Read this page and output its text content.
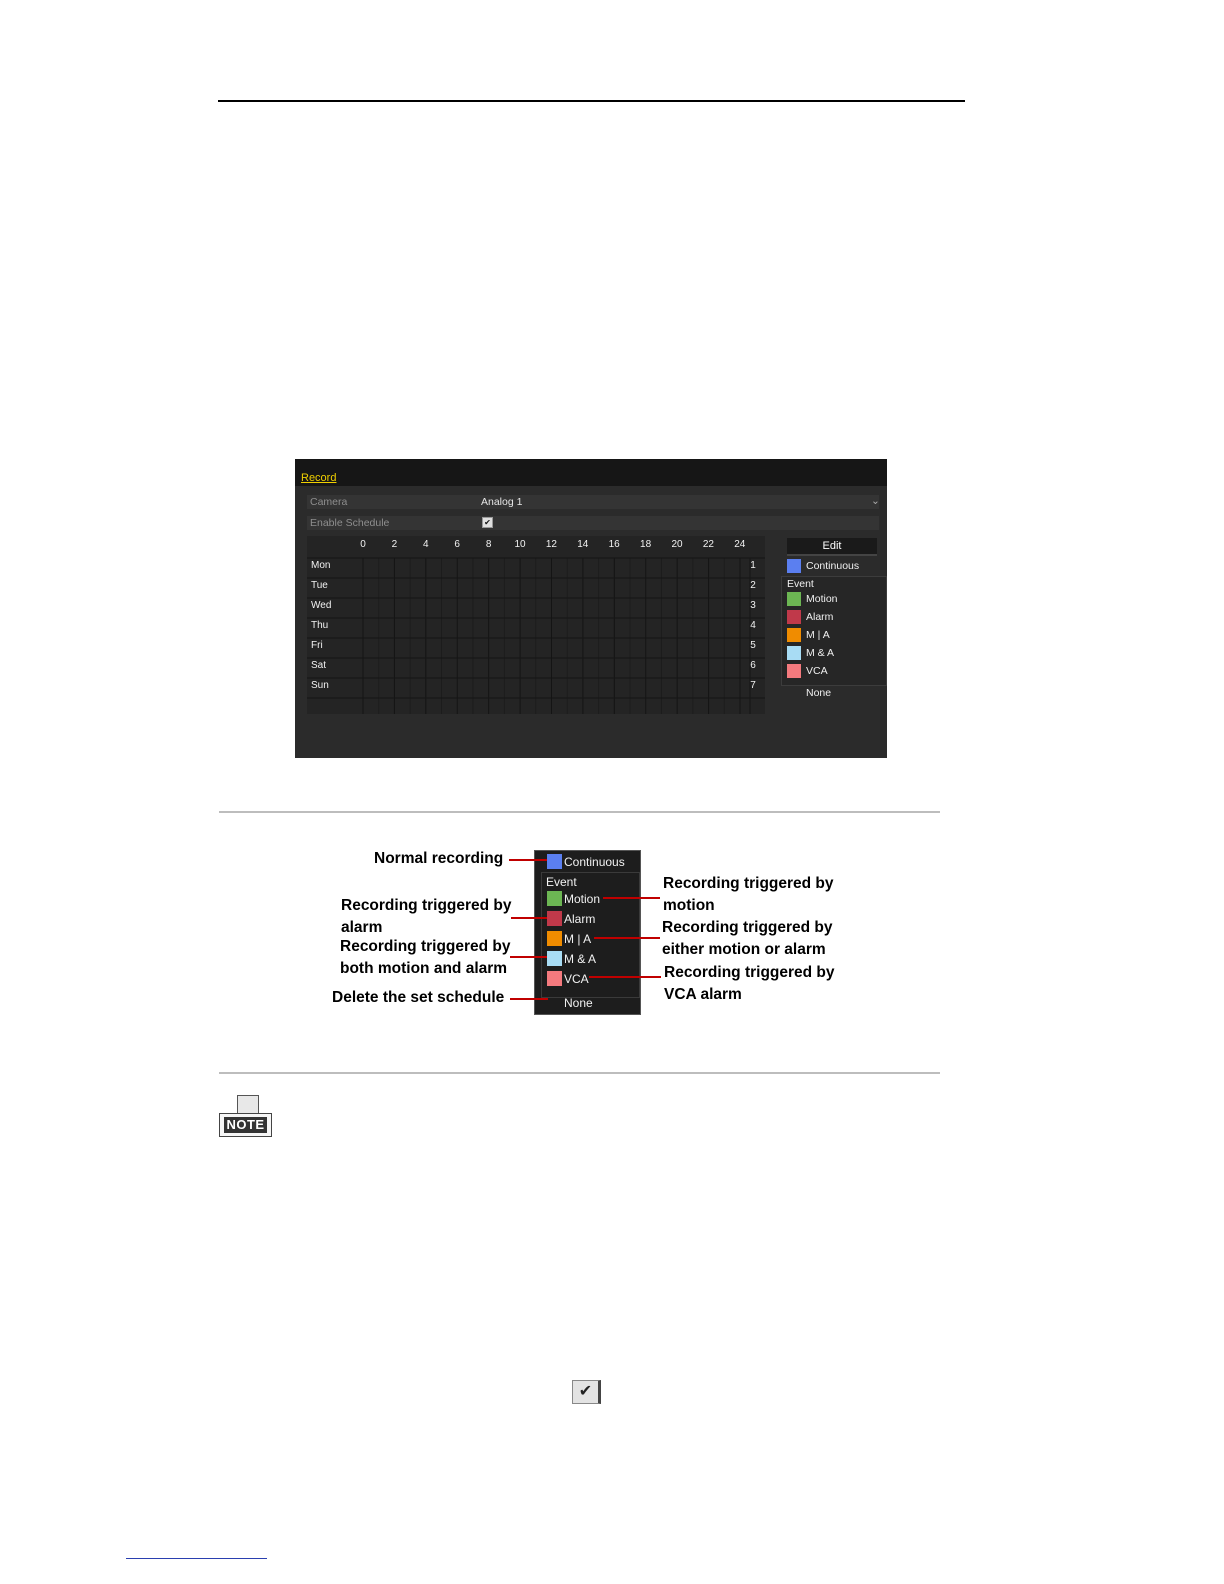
Record
Camera	Analog 1	⌄
Enable Schedule	✔
0	2	4	6	8	10	12	14	16	18	20	22	24
Mon	1
Tue	2
Wed	3
Thu	4
Fri	5
Sat	6
Sun	7
Edit
Continuous
Event
Motion
Alarm
M | A
M & A
VCA
None
Continuous
Event
Motion
Alarm
M | A
M & A
VCA
None
Normal recording
Recording triggered by
alarm
Recording triggered by
both motion and alarm
Delete the set schedule
Recording triggered by
motion
Recording triggered by
either motion or alarm
Recording triggered by
VCA alarm
NOTE
✔
